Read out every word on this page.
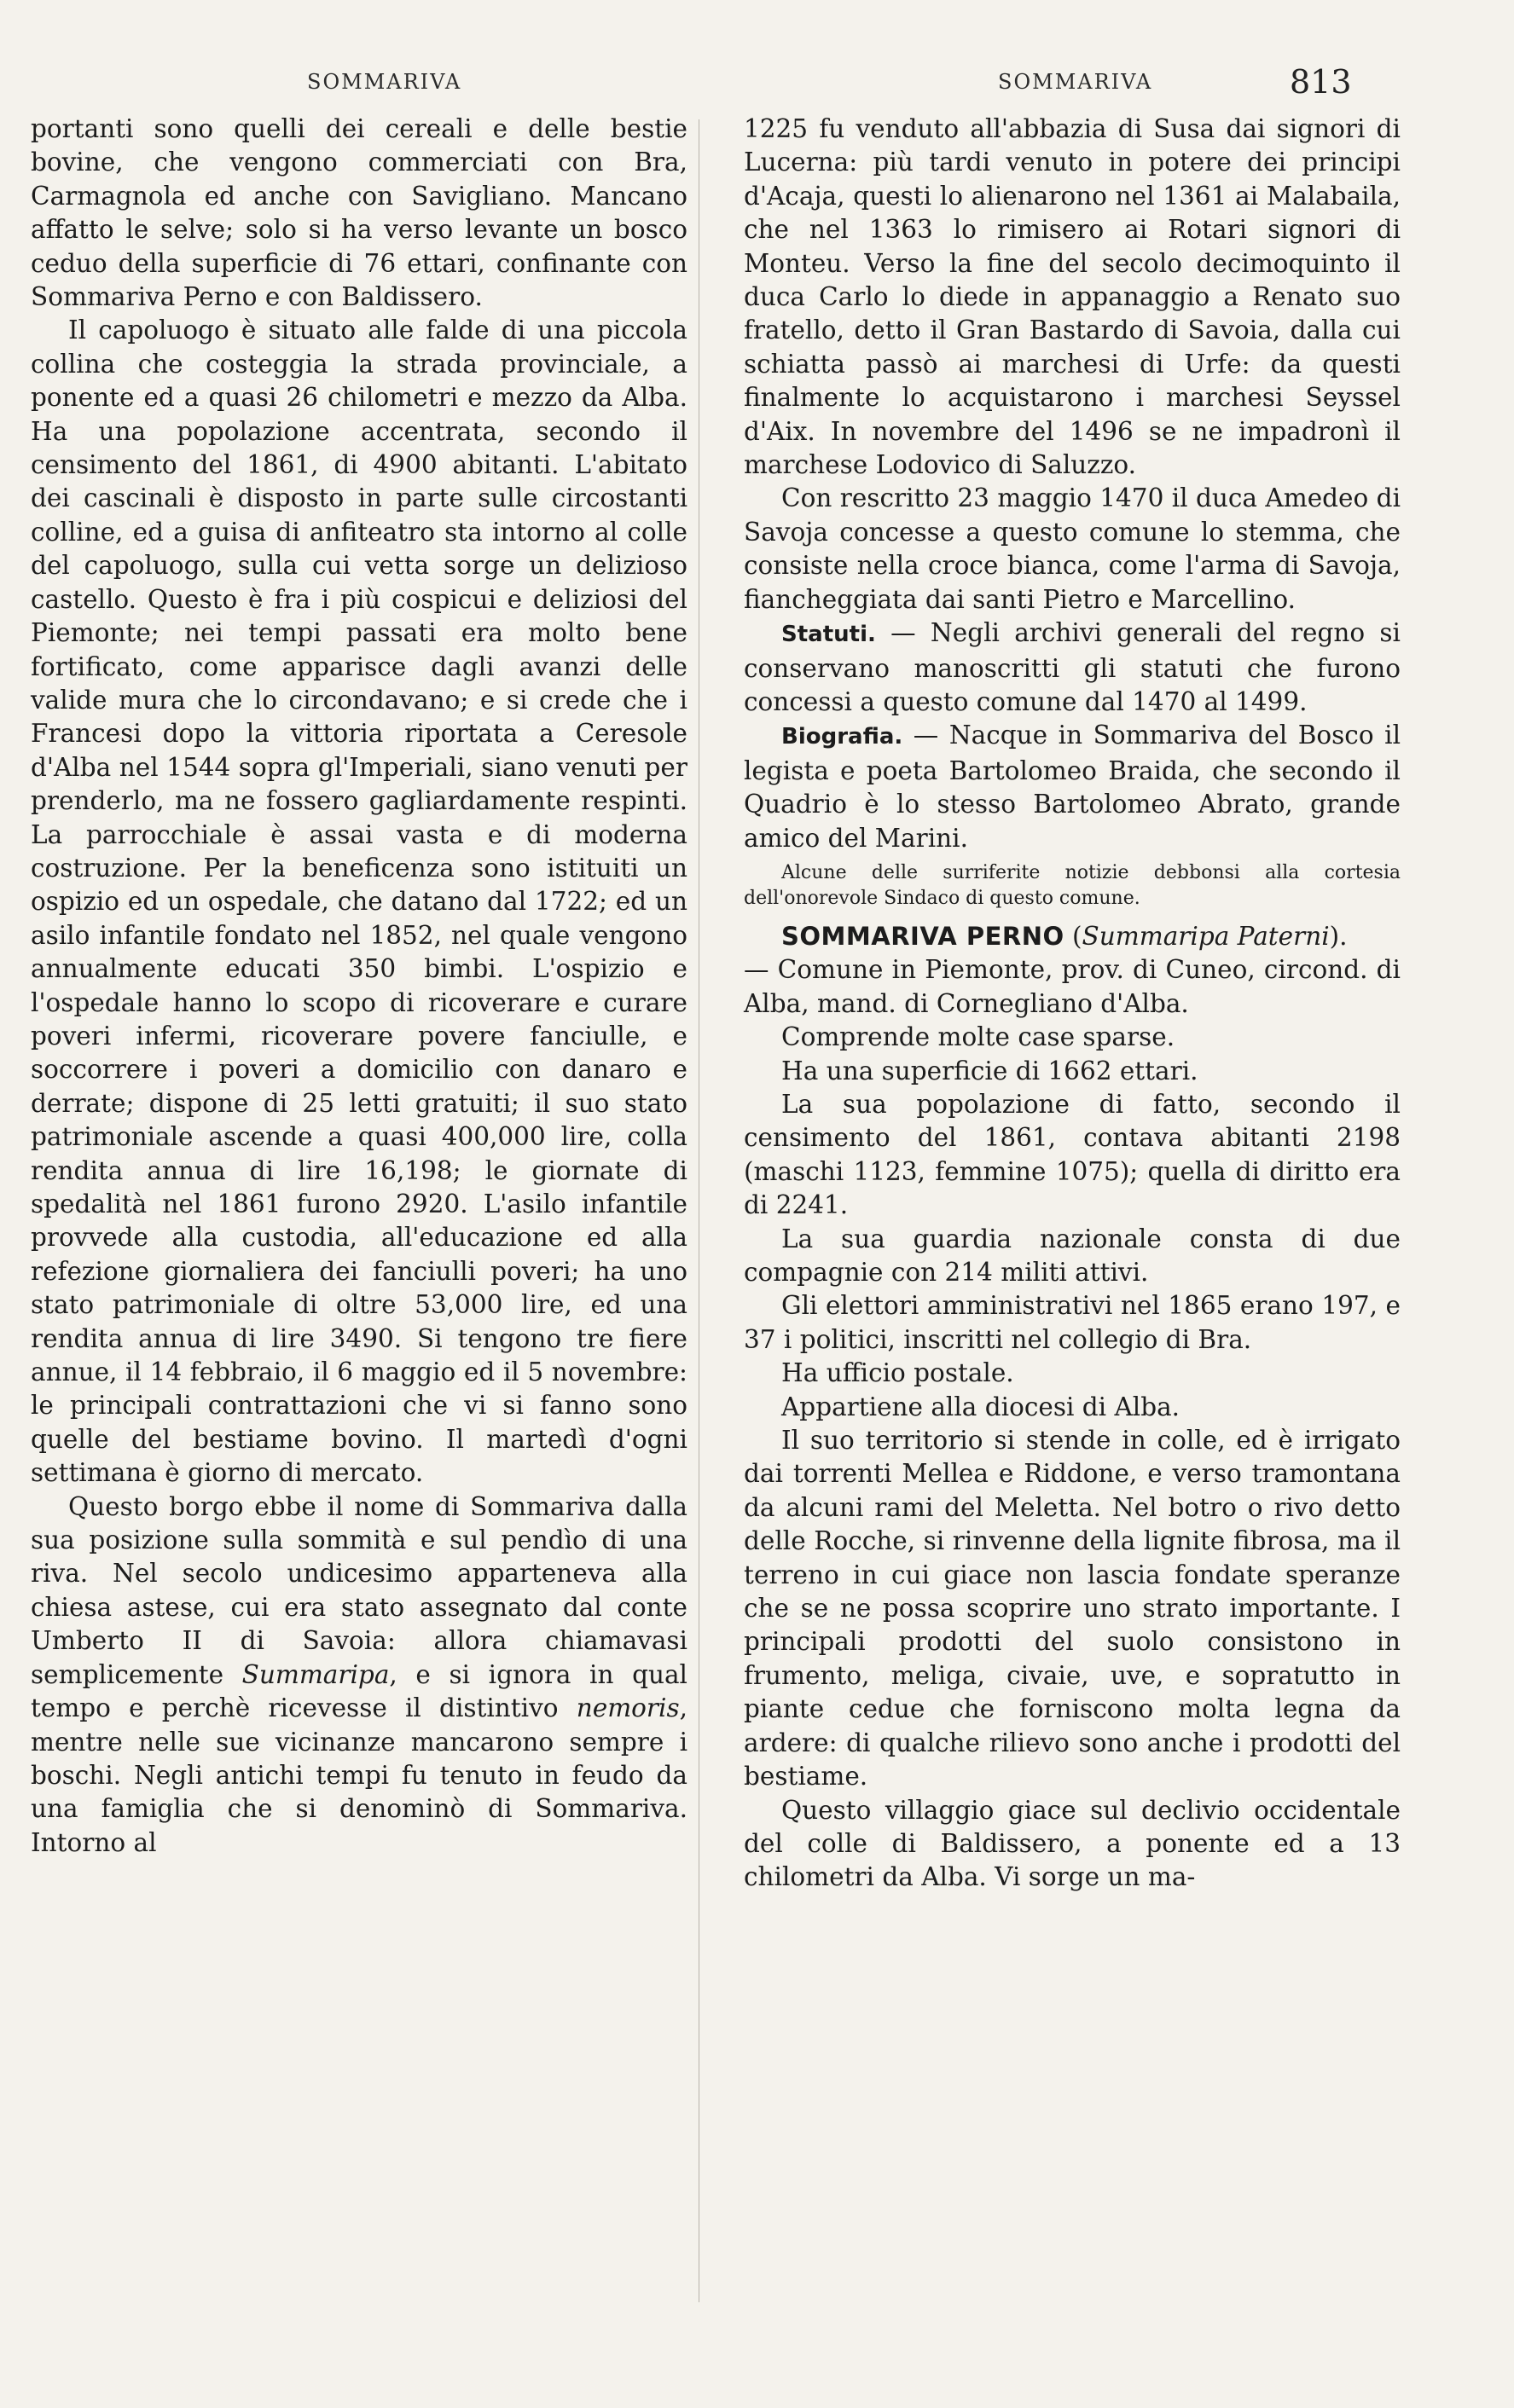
SOMMARIVA	SOMMARIVA	813

portanti sono quelli dei cereali e delle bestie bovine, che vengono commerciati con Bra, Carmagnola ed anche con Savigliano. Mancano affatto le selve; solo si ha verso levante un bosco ceduo della superficie di 76 ettari, confinante con Sommariva Perno e con Baldissero.

Il capoluogo è situato alle falde di una piccola collina che costeggia la strada provinciale, a ponente ed a quasi 26 chilometri e mezzo da Alba. Ha una popolazione accentrata, secondo il censimento del 1861, di 4900 abitanti. L'abitato dei cascinali è disposto in parte sulle circostanti colline, ed a guisa di anfiteatro sta intorno al colle del capoluogo, sulla cui vetta sorge un delizioso castello. Questo è fra i più cospicui e deliziosi del Piemonte; nei tempi passati era molto bene fortificato, come apparisce dagli avanzi delle valide mura che lo circondavano; e si crede che i Francesi dopo la vittoria riportata a Ceresole d'Alba nel 1544 sopra gl'Imperiali, siano venuti per prenderlo, ma ne fossero gagliardamente respinti. La parrocchiale è assai vasta e di moderna costruzione. Per la beneficenza sono istituiti un ospizio ed un ospedale, che datano dal 1722; ed un asilo infantile fondato nel 1852, nel quale vengono annualmente educati 350 bimbi. L'ospizio e l'ospedale hanno lo scopo di ricoverare e curare poveri infermi, ricoverare povere fanciulle, e soccorrere i poveri a domicilio con danaro e derrate; dispone di 25 letti gratuiti; il suo stato patrimoniale ascende a quasi 400,000 lire, colla rendita annua di lire 16,198; le giornate di spedalità nel 1861 furono 2920. L'asilo infantile provvede alla custodia, all'educazione ed alla refezione giornaliera dei fanciulli poveri; ha uno stato patrimoniale di oltre 53,000 lire, ed una rendita annua di lire 3490. Si tengono tre fiere annue, il 14 febbraio, il 6 maggio ed il 5 novembre: le principali contrattazioni che vi si fanno sono quelle del bestiame bovino. Il martedì d'ogni settimana è giorno di mercato.

Questo borgo ebbe il nome di Sommariva dalla sua posizione sulla sommità e sul pendìo di una riva. Nel secolo undicesimo apparteneva alla chiesa astese, cui era stato assegnato dal conte Umberto II di Savoia: allora chiamavasi semplicemente Summaripa, e si ignora in qual tempo e perchè ricevesse il distintivo nemoris, mentre nelle sue vicinanze mancarono sempre i boschi. Negli antichi tempi fu tenuto in feudo da una famiglia che si denominò di Sommariva. Intorno al

1225 fu venduto all'abbazia di Susa dai signori di Lucerna: più tardi venuto in potere dei principi d'Acaja, questi lo alienarono nel 1361 ai Malabaila, che nel 1363 lo rimisero ai Rotari signori di Monteu. Verso la fine del secolo decimoquinto il duca Carlo lo diede in appanaggio a Renato suo fratello, detto il Gran Bastardo di Savoia, dalla cui schiatta passò ai marchesi di Urfe: da questi finalmente lo acquistarono i marchesi Seyssel d'Aix. In novembre del 1496 se ne impadronì il marchese Lodovico di Saluzzo.

Con rescritto 23 maggio 1470 il duca Amedeo di Savoja concesse a questo comune lo stemma, che consiste nella croce bianca, come l'arma di Savoja, fiancheggiata dai santi Pietro e Marcellino.

Statuti. — Negli archivi generali del regno si conservano manoscritti gli statuti che furono concessi a questo comune dal 1470 al 1499.

Biografia. — Nacque in Sommariva del Bosco il legista e poeta Bartolomeo Braida, che secondo il Quadrio è lo stesso Bartolomeo Abrato, grande amico del Marini.

Alcune delle surriferite notizie debbonsi alla cortesia dell'onorevole Sindaco di questo comune.

SOMMARIVA PERNO (Summaripa Paterni).

— Comune in Piemonte, prov. di Cuneo, circond. di Alba, mand. di Cornegliano d'Alba.

Comprende molte case sparse.

Ha una superficie di 1662 ettari.

La sua popolazione di fatto, secondo il censimento del 1861, contava abitanti 2198 (maschi 1123, femmine 1075); quella di diritto era di 2241.

La sua guardia nazionale consta di due compagnie con 214 militi attivi.

Gli elettori amministrativi nel 1865 erano 197, e 37 i politici, inscritti nel collegio di Bra.

Ha ufficio postale.

Appartiene alla diocesi di Alba.

Il suo territorio si stende in colle, ed è irrigato dai torrenti Mellea e Riddone, e verso tramontana da alcuni rami del Meletta. Nel botro o rivo detto delle Rocche, si rinvenne della lignite fibrosa, ma il terreno in cui giace non lascia fondate speranze che se ne possa scoprire uno strato importante. I principali prodotti del suolo consistono in frumento, meliga, civaie, uve, e sopratutto in piante cedue che forniscono molta legna da ardere: di qualche rilievo sono anche i prodotti del bestiame.

Questo villaggio giace sul declivio occidentale del colle di Baldissero, a ponente ed a 13 chilometri da Alba. Vi sorge un ma-
